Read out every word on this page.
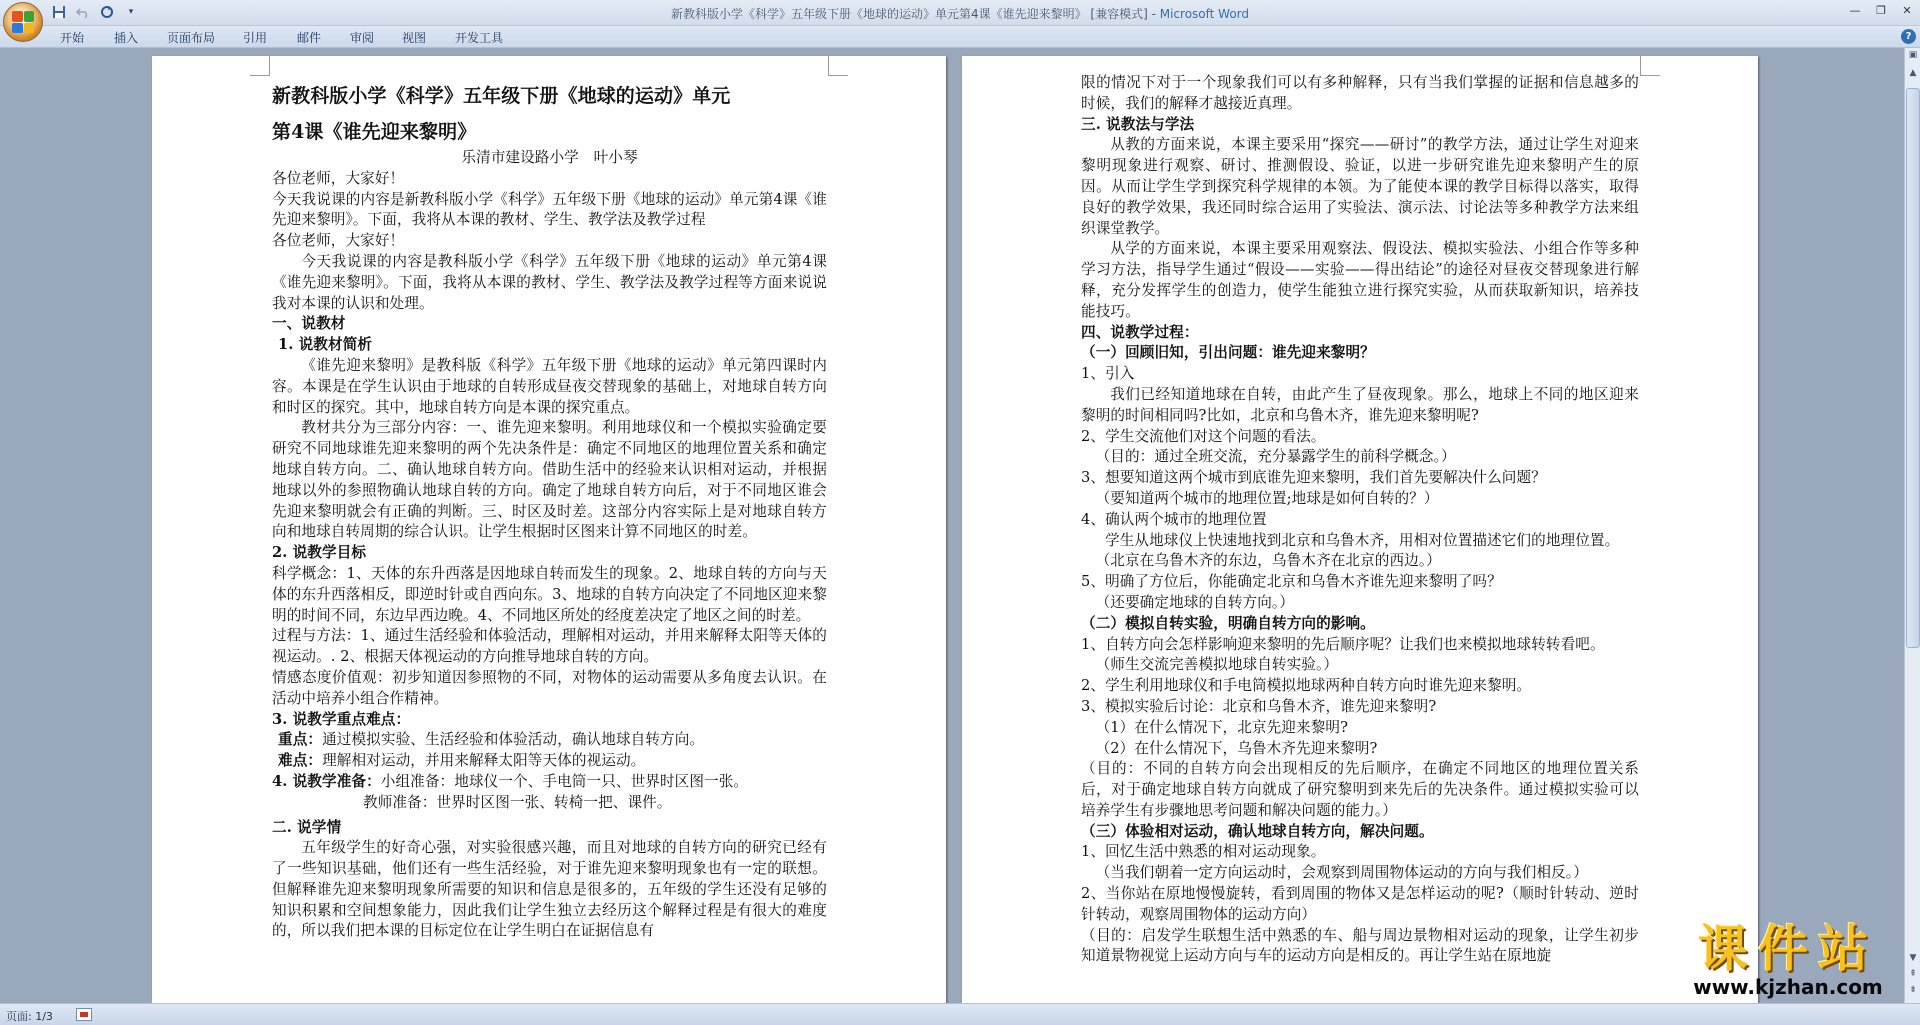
▾	新教科版小学《科学》五年级下册《地球的运动》单元第4课《谁先迎来黎明》 [兼容模式] - Microsoft Word	—	❐	✕
开始 插入 页面布局 引用 邮件 审阅 视图 开发工具	?

新教科版小学《科学》五年级下册《地球的运动》单元

第4课《谁先迎来黎明》

乐清市建设路小学　叶小琴

各位老师，大家好！

今天我说课的内容是新教科版小学《科学》五年级下册《地球的运动》单元第4课《谁先迎来黎明》。下面，我将从本课的教材、学生、教学法及教学过程

各位老师，大家好！

今天我说课的内容是教科版小学《科学》五年级下册《地球的运动》单元第4课《谁先迎来黎明》。下面，我将从本课的教材、学生、教学法及教学过程等方面来说说我对本课的认识和处理。

一、说教材

1. 说教材简析

《谁先迎来黎明》是教科版《科学》五年级下册《地球的运动》单元第四课时内容。本课是在学生认识由于地球的自转形成昼夜交替现象的基础上，对地球自转方向和时区的探究。其中，地球自转方向是本课的探究重点。

教材共分为三部分内容：一、谁先迎来黎明。利用地球仪和一个模拟实验确定要研究不同地球谁先迎来黎明的两个先决条件是：确定不同地区的地理位置关系和确定地球自转方向。二、确认地球自转方向。借助生活中的经验来认识相对运动，并根据地球以外的参照物确认地球自转的方向。确定了地球自转方向后，对于不同地区谁会先迎来黎明就会有正确的判断。三、时区及时差。这部分内容实际上是对地球自转方向和地球自转周期的综合认识。让学生根据时区图来计算不同地区的时差。

2. 说教学目标

科学概念：1、天体的东升西落是因地球自转而发生的现象。2、地球自转的方向与天体的东升西落相反，即逆时针或自西向东。3、地球的自转方向决定了不同地区迎来黎明的时间不同，东边早西边晚。4、不同地区所处的经度差决定了地区之间的时差。

过程与方法：1、通过生活经验和体验活动，理解相对运动，并用来解释太阳等天体的视运动。. 2、根据天体视运动的方向推导地球自转的方向。

情感态度价值观：初步知道因参照物的不同，对物体的运动需要从多角度去认识。在活动中培养小组合作精神。

3. 说教学重点难点：

重点：通过模拟实验、生活经验和体验活动，确认地球自转方向。

难点：理解相对运动，并用来解释太阳等天体的视运动。

4. 说教学准备：小组准备：地球仪一个、手电筒一只、世界时区图一张。

教师准备：世界时区图一张、转椅一把、课件。

二. 说学情

五年级学生的好奇心强，对实验很感兴趣，而且对地球的自转方向的研究已经有了一些知识基础，他们还有一些生活经验，对于谁先迎来黎明现象也有一定的联想。但解释谁先迎来黎明现象所需要的知识和信息是很多的，五年级的学生还没有足够的知识积累和空间想象能力，因此我们让学生独立去经历这个解释过程是有很大的难度的，所以我们把本课的目标定位在让学生明白在证据信息有

限的情况下对于一个现象我们可以有多种解释，只有当我们掌握的证据和信息越多的时候，我们的解释才越接近真理。

三. 说教法与学法

从教的方面来说，本课主要采用“探究——研讨”的教学方法，通过让学生对迎来黎明现象进行观察、研讨、推测假设、验证，以进一步研究谁先迎来黎明产生的原因。从而让学生学到探究科学规律的本领。为了能使本课的教学目标得以落实，取得良好的教学效果，我还同时综合运用了实验法、演示法、讨论法等多种教学方法来组织课堂教学。

从学的方面来说，本课主要采用观察法、假设法、模拟实验法、小组合作等多种学习方法，指导学生通过“假设——实验——得出结论”的途径对昼夜交替现象进行解释，充分发挥学生的创造力，使学生能独立进行探究实验，从而获取新知识，培养技能技巧。

四、说教学过程：

（一）回顾旧知，引出问题：谁先迎来黎明？

1、引入

我们已经知道地球在自转，由此产生了昼夜现象。那么，地球上不同的地区迎来黎明的时间相同吗?比如，北京和乌鲁木齐，谁先迎来黎明呢?

2、学生交流他们对这个问题的看法。

（目的：通过全班交流，充分暴露学生的前科学概念。）

3、想要知道这两个城市到底谁先迎来黎明，我们首先要解决什么问题？

（要知道两个城市的地理位置;地球是如何自转的？）

4、确认两个城市的地理位置

学生从地球仪上快速地找到北京和乌鲁木齐，用相对位置描述它们的地理位置。

（北京在乌鲁木齐的东边，乌鲁木齐在北京的西边。）

5、明确了方位后，你能确定北京和乌鲁木齐谁先迎来黎明了吗？

（还要确定地球的自转方向。）

（二）模拟自转实验，明确自转方向的影响。

1、自转方向会怎样影响迎来黎明的先后顺序呢？让我们也来模拟地球转转看吧。

（师生交流完善模拟地球自转实验。）

2、学生利用地球仪和手电筒模拟地球两种自转方向时谁先迎来黎明。

3、模拟实验后讨论：北京和乌鲁木齐，谁先迎来黎明?

（1）在什么情况下，北京先迎来黎明?

（2）在什么情况下，乌鲁木齐先迎来黎明?

（目的：不同的自转方向会出现相反的先后顺序，在确定不同地区的地理位置关系后，对于确定地球自转方向就成了研究黎明到来先后的先决条件。通过模拟实验可以培养学生有步骤地思考问题和解决问题的能力。）

（三）体验相对运动，确认地球自转方向，解决问题。

1、回忆生活中熟悉的相对运动现象。

（当我们朝着一定方向运动时，会观察到周围物体运动的方向与我们相反。）

2、当你站在原地慢慢旋转，看到周围的物体又是怎样运动的呢?（顺时针转动、逆时针转动，观察周围物体的运动方向）

（目的：启发学生联想生活中熟悉的车、船与周边景物相对运动的现象，让学生初步知道景物视觉上运动方向与车的运动方向是相反的。再让学生站在原地旋

▣
▲
▼
⇞
⇟
页面: 1/3
课件站
www.kjzhan.com
